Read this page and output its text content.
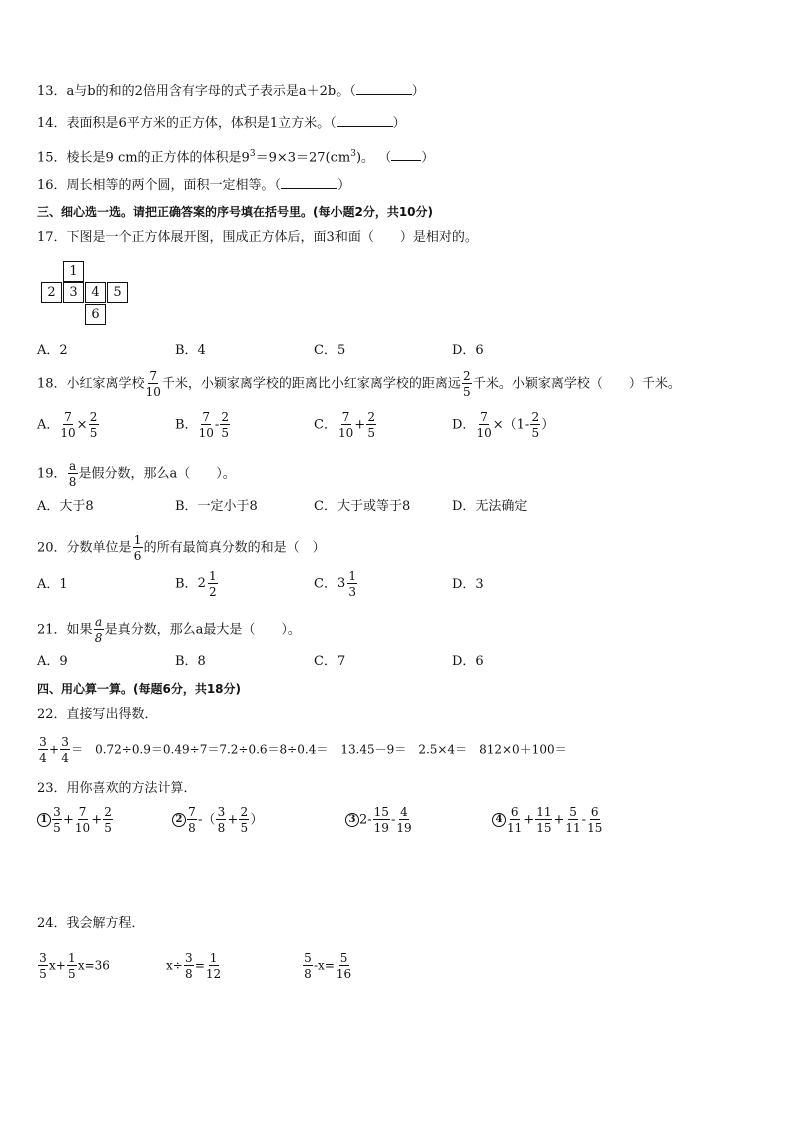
13．a与b的和的2倍用含有字母的式子表示是a＋2b。（	）
14．表面积是6平方米的正方体，体积是1立方米。（	）
15．棱长是9 cm的正方体的体积是$9^3=9\times 3=27(cm^3)$。 （ ）
16．周长相等的两个圆，面积一定相等。（	）
三、细心选一选。请把正确答案的序号填在括号里。(每小题2分，共10分)
17．下图是一个正方体展开图，围成正方体后，面3和面（　　）是相对的。
1
2	3	4	5
6
A．2	B．4	C．5	D．6
18．小红家离学校 $\frac{7}{10}$ 千米，小颖家离学校的距离比小红家离学校的距离远 $\frac{2}{5}$ 千米。小颖家离学校（　　）千米。
A． $\frac{7}{10} \times \frac{2}{5}$	B． $\frac{7}{10} - \frac{2}{5}$	C． $\frac{7}{10} + \frac{2}{5}$	D． $\frac{7}{10} \times(1- \frac{2}{5}$ ）
19． $\frac{a}{8}$ 是假分数，那么a（　　）。
A．大于8	B．一定小于8	C．大于或等于8	D．无法确定
20．分数单位是 $\frac{1}{6}$ 的所有最简真分数的和是（　）
A．1	B． $2 \frac{1}{2}$	C． $3 \frac{1}{3}$	D．3
21．如果 $\frac{a}{8}$ 是真分数，那么a最大是（　　）。
A．9	B．8	C．7	D．6
四、用心算一算。(每题6分，共18分)
22．直接写出得数．
$\frac{3}{4} + \frac{3}{4}$ ＝　0.72÷0.9＝0.49÷7＝7.2÷0.6＝8÷0.4＝　13.45－9＝　2.5×4＝　812×0＋100＝
23．用你喜欢的方法计算．
$1 \frac{3}{5} + \frac{7}{10} + \frac{2}{5}$	$2 \frac{7}{8}$ -（ $\frac{3}{8} + \frac{2}{5}$ ）	3 $2- \frac{15}{19} - \frac{4}{19}$	$4 \frac{6}{11} + \frac{11}{15} + \frac{5}{11} - \frac{6}{15}$
24．我会解方程．
$\frac{3}{5} x+ \frac{1}{5} x=36$	$x\div \frac{3}{8} = \frac{1}{12}$	$\frac{5}{8} -x= \frac{5}{16}$
